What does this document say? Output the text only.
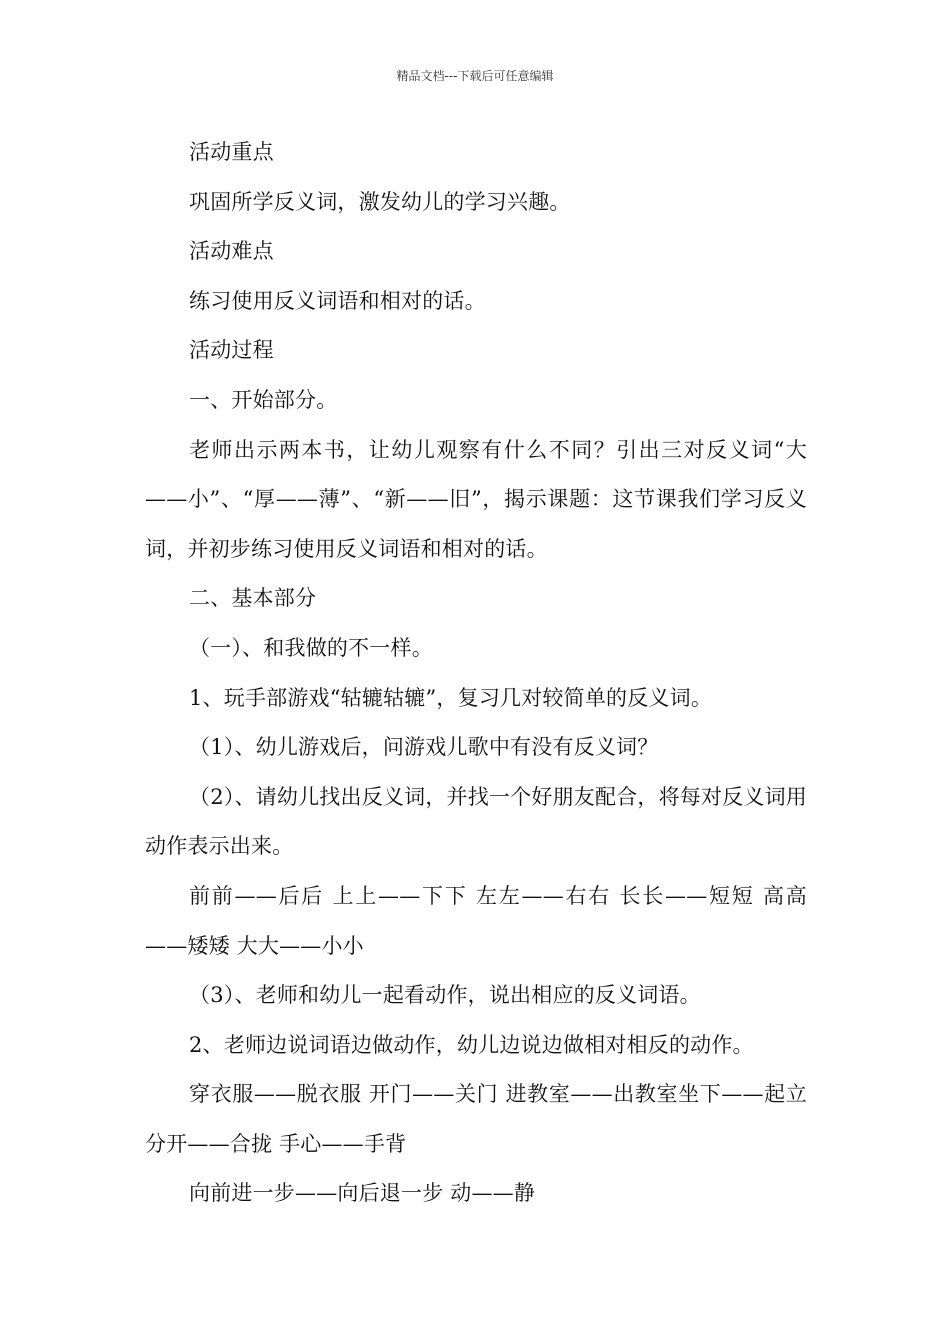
精品文档---下载后可任意编辑

活动重点

巩固所学反义词，激发幼儿的学习兴趣。

活动难点

练习使用反义词语和相对的话。

活动过程

一、开始部分。

老师出示两本书，让幼儿观察有什么不同？引出三对反义词“大——小”、“厚——薄”、“新——旧”，揭示课题：这节课我们学习反义词，并初步练习使用反义词语和相对的话。

二、基本部分

（一）、和我做的不一样。

1、玩手部游戏“轱辘轱辘”，复习几对较简单的反义词。

（1）、幼儿游戏后，问游戏儿歌中有没有反义词？

（2）、请幼儿找出反义词，并找一个好朋友配合，将每对反义词用动作表示出来。

前前——后后 上上——下下 左左——右右 长长——短短 高高——矮矮 大大——小小

（3）、老师和幼儿一起看动作，说出相应的反义词语。

2、老师边说词语边做动作，幼儿边说边做相对相反的动作。

穿衣服——脱衣服 开门——关门 进教室——出教室坐下——起立 分开——合拢 手心——手背

向前进一步——向后退一步 动——静
